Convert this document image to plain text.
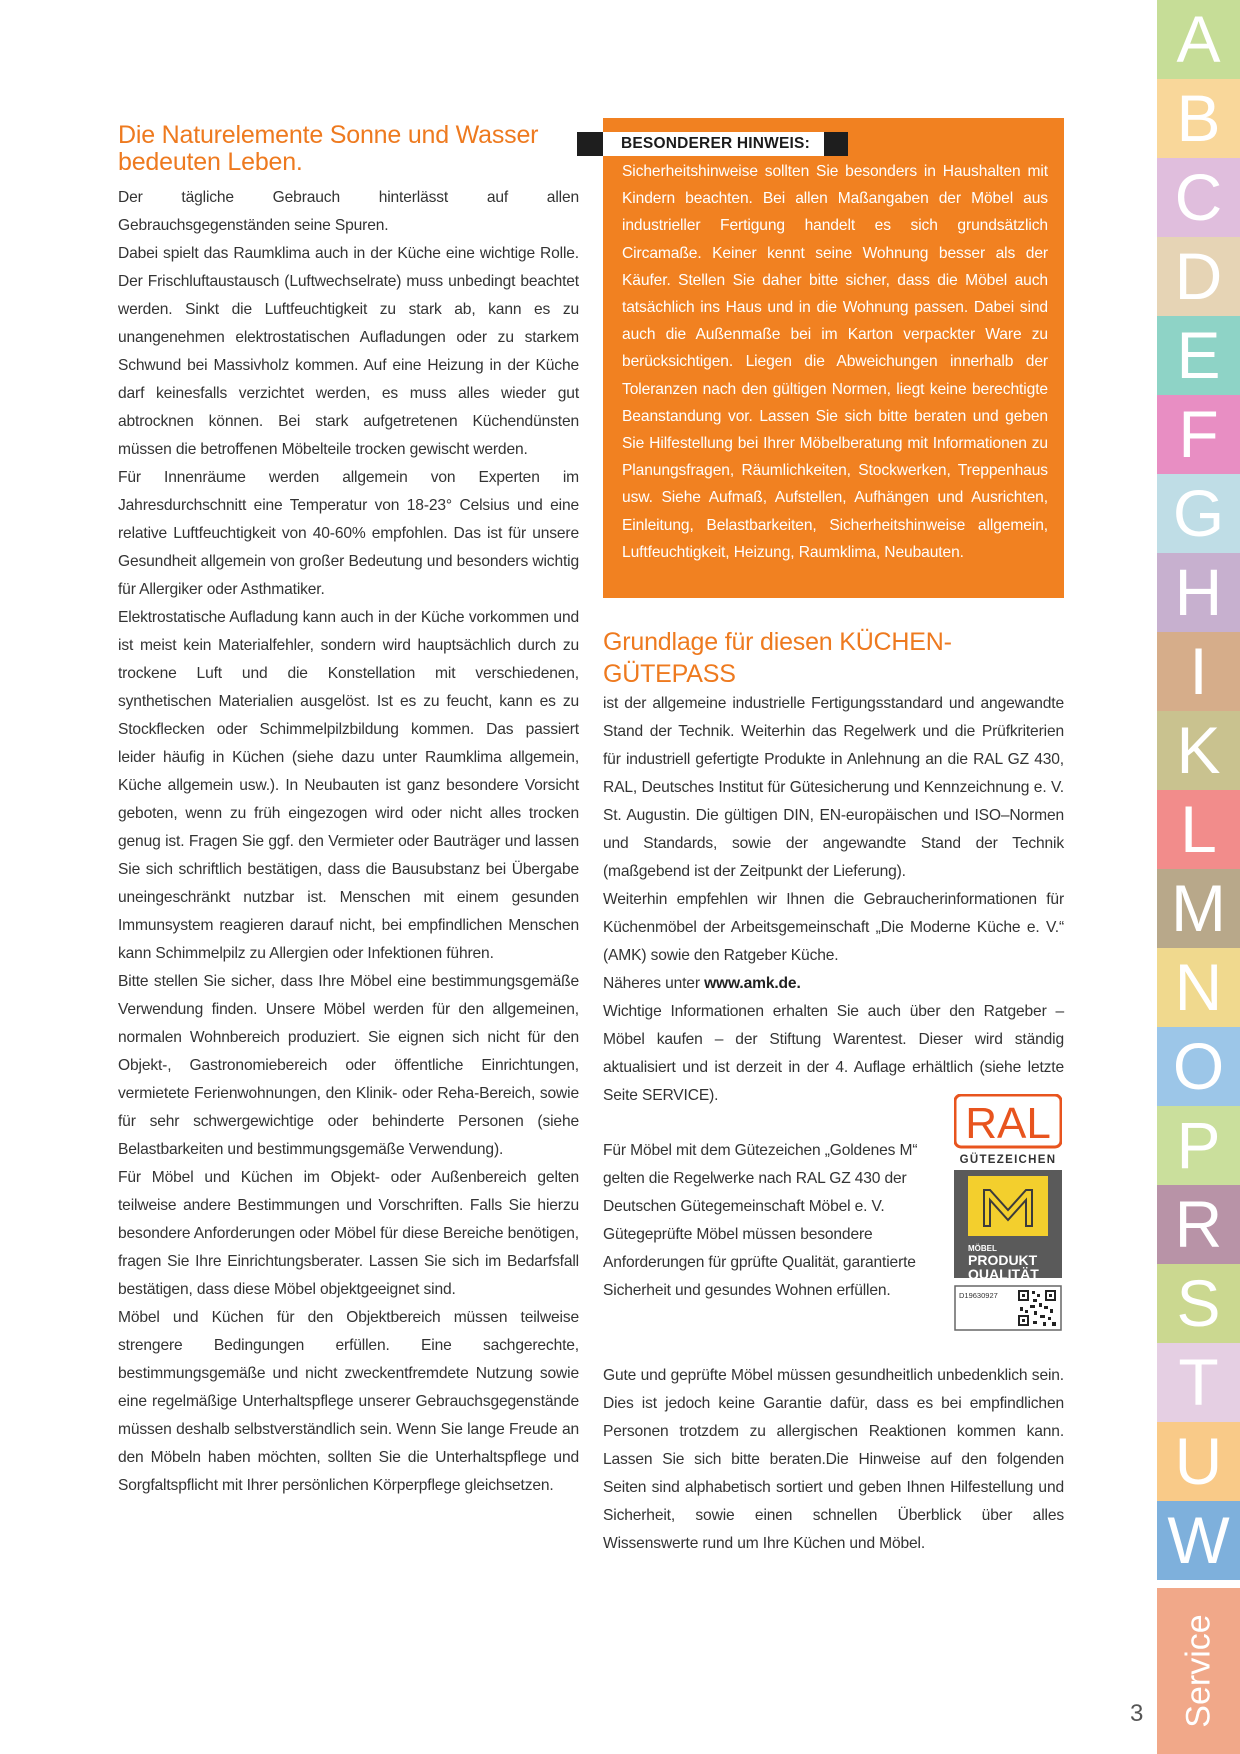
Die Naturelemente Sonne und Wasser bedeuten Leben.

Der tägliche Gebrauch hinterlässt auf allen Gebrauchsgegenständen seine Spuren.

Dabei spielt das Raumklima auch in der Küche eine wichtige Rolle. Der Frischluftaustausch (Luftwechselrate) muss unbedingt beachtet werden. Sinkt die Luftfeuchtigkeit zu stark ab, kann es zu unangenehmen elektrostatischen Aufladungen oder zu starkem Schwund bei Massivholz kommen. Auf eine Heizung in der Küche darf keinesfalls verzichtet werden, es muss alles wieder gut abtrocknen können. Bei stark aufgetretenen Küchendünsten müssen die betroffenen Möbelteile trocken gewischt werden.

Für Innenräume werden allgemein von Experten im Jahresdurchschnitt eine Temperatur von 18-23° Celsius und eine relative Luftfeuchtigkeit von 40-60% empfohlen. Das ist für unsere Gesundheit allgemein von großer Bedeutung und besonders wichtig für Allergiker oder Asthmatiker.

Elektrostatische Aufladung kann auch in der Küche vorkommen und ist meist kein Materialfehler, sondern wird hauptsächlich durch zu trockene Luft und die Konstellation mit verschiedenen, synthetischen Materialien ausgelöst. Ist es zu feucht, kann es zu Stockflecken oder Schimmelpilzbildung kommen. Das passiert leider häufig in Küchen (siehe dazu unter Raumklima allgemein, Küche allgemein usw.). In Neubauten ist ganz besondere Vorsicht geboten, wenn zu früh eingezogen wird oder nicht alles trocken genug ist. Fragen Sie ggf. den Vermieter oder Bauträger und lassen Sie sich schriftlich bestätigen, dass die Bausubstanz bei Übergabe uneingeschränkt nutzbar ist. Menschen mit einem gesunden Immunsystem reagieren darauf nicht, bei empfindlichen Menschen kann Schimmelpilz zu Allergien oder Infektionen führen.

Bitte stellen Sie sicher, dass Ihre Möbel eine bestimmungsgemäße Verwendung finden. Unsere Möbel werden für den allgemeinen, normalen Wohnbereich produziert. Sie eignen sich nicht für den Objekt-, Gastronomiebereich oder öffentliche Einrichtungen, vermietete Ferienwohnungen, den Klinik- oder Reha-Bereich, sowie für sehr schwergewichtige oder behinderte Personen (siehe Belastbarkeiten und bestimmungsgemäße Verwendung).

Für Möbel und Küchen im Objekt- oder Außenbereich gelten teilweise andere Bestimmungen und Vorschriften. Falls Sie hierzu besondere Anforderungen oder Möbel für diese Bereiche benötigen, fragen Sie Ihre Einrichtungsberater. Lassen Sie sich im Bedarfsfall bestätigen, dass diese Möbel objektgeeignet sind.

Möbel und Küchen für den Objektbereich müssen teilweise strengere Bedingungen erfüllen. Eine sachgerechte, bestimmungsgemäße und nicht zweckentfremdete Nutzung sowie eine regelmäßige Unterhaltspflege unserer Gebrauchsgegenstände müssen deshalb selbstverständlich sein. Wenn Sie lange Freude an den Möbeln haben möchten, sollten Sie die Unterhaltspflege und Sorgfaltspflicht mit Ihrer persönlichen Körperpflege gleichsetzen.

BESONDERER HINWEIS:
Sicherheitshinweise sollten Sie besonders in Haushalten mit Kindern beachten. Bei allen Maßangaben der Möbel aus industrieller Fertigung handelt es sich grundsätzlich Circamaße. Keiner kennt seine Wohnung besser als der Käufer. Stellen Sie daher bitte sicher, dass die Möbel auch tatsächlich ins Haus und in die Wohnung passen. Dabei sind auch die Außenmaße bei im Karton verpackter Ware zu berücksichtigen. Liegen die Abweichungen innerhalb der Toleranzen nach den gültigen Normen, liegt keine berechtigte Beanstandung vor. Lassen Sie sich bitte beraten und geben Sie Hilfestellung bei Ihrer Möbelberatung mit Informationen zu Planungsfragen, Räumlichkeiten, Stockwerken, Treppenhaus usw. Siehe Aufmaß, Aufstellen, Aufhängen und Ausrichten, Einleitung, Belastbarkeiten, Sicherheitshinweise allgemein, Luftfeuchtigkeit, Heizung, Raumklima, Neubauten.
Grundlage für diesen KÜCHEN-GÜTEPASS

ist der allgemeine industrielle Fertigungsstandard und angewandte Stand der Technik. Weiterhin das Regelwerk und die Prüfkriterien für industriell gefertigte Produkte in Anlehnung an die RAL GZ 430, RAL, Deutsches Institut für Gütesicherung und Kennzeichnung e. V. St. Augustin. Die gültigen DIN, EN-europäischen und ISO–Normen und Standards, sowie der angewandte Stand der Technik (maßgebend ist der Zeitpunkt der Lieferung).

Weiterhin empfehlen wir Ihnen die Gebraucherinformationen für Küchenmöbel der Arbeitsgemeinschaft „Die Moderne Küche e. V.“ (AMK) sowie den Ratgeber Küche.

Näheres unter www.amk.de.

Wichtige Informationen erhalten Sie auch über den Ratgeber – Möbel kaufen – der Stiftung Warentest. Dieser wird ständig aktualisiert und ist derzeit in der 4. Auflage erhältlich (siehe letzte Seite SERVICE).

Für Möbel mit dem Gütezeichen „Goldenes M“ gelten die Regelwerke nach RAL GZ 430 der Deutschen Gütegemeinschaft Möbel e. V. Gütegeprüfte Möbel müssen besondere Anforderungen für gprüfte Qualität, garantierte Sicherheit und gesundes Wohnen erfüllen.
RAL
GÜTEZEICHEN
MÖBEL
PRODUKT
QUALITÄT
D19630927

Gute und geprüfte Möbel müssen gesundheitlich unbedenklich sein. Dies ist jedoch keine Garantie dafür, dass es bei empfindlichen Personen trotzdem zu allergischen Reaktionen kommen kann. Lassen Sie sich bitte beraten.Die Hinweise auf den folgenden Seiten sind alphabetisch sortiert und geben Ihnen Hilfestellung und Sicherheit, sowie einen schnellen Überblick über alles Wissenswerte rund um Ihre Küchen und Möbel.

Service
A
B
C
D
E
F
G
H
I
K
L
M
N
O
P
R
S
T
U
W
3
